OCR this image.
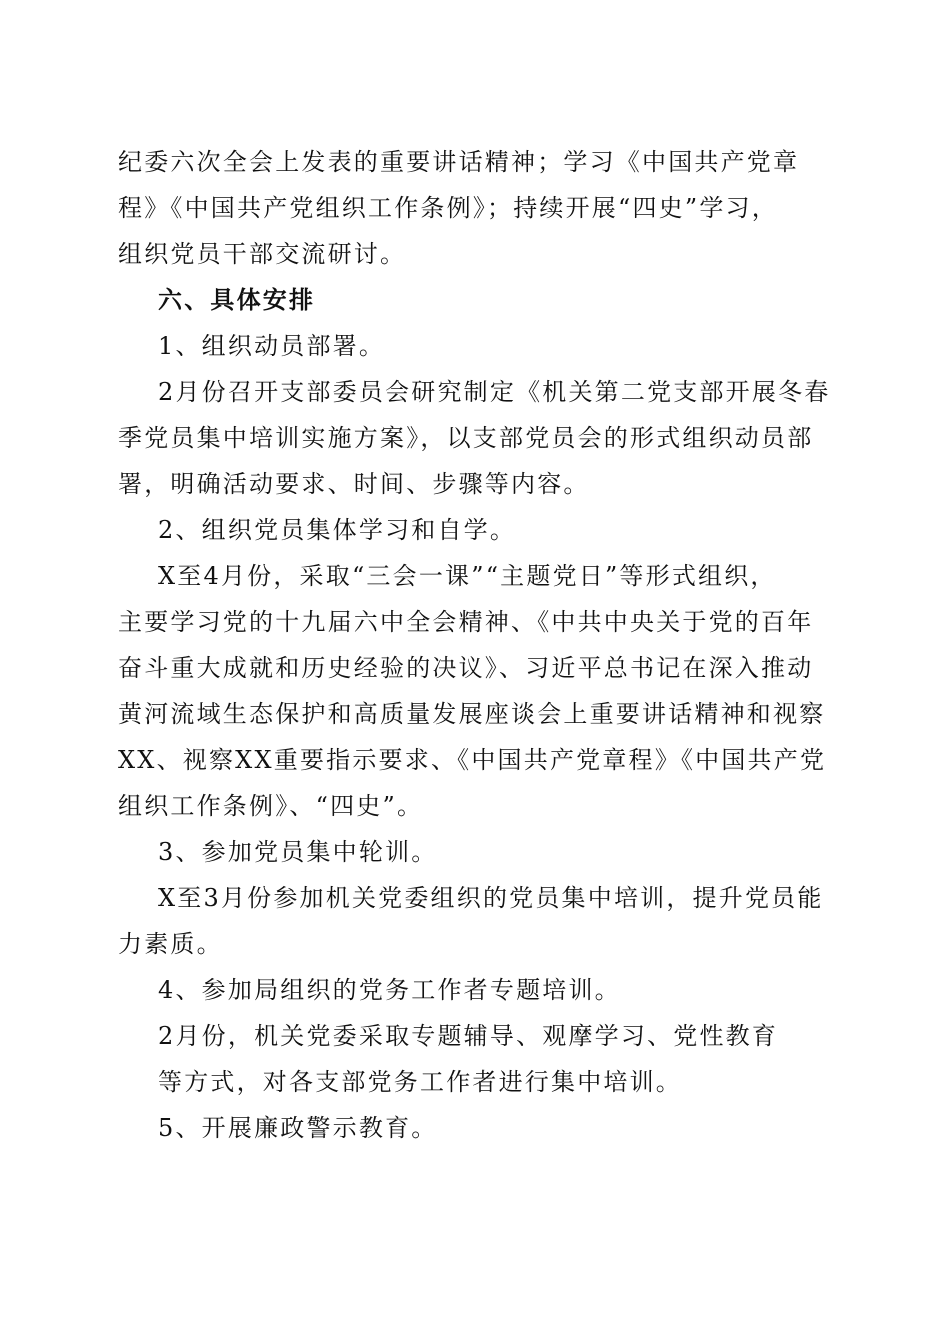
纪委六次全会上发表的重要讲话精神；学习《中国共产党章
程》《中国共产党组织工作条例》；持续开展“四史”学习，
组织党员干部交流研讨。
六、具体安排
1、组织动员部署。
2月份召开支部委员会研究制定《机关第二党支部开展冬春
季党员集中培训实施方案》，以支部党员会的形式组织动员部
署，明确活动要求、时间、步骤等内容。
2、组织党员集体学习和自学。
X至4月份，采取“三会一课”“主题党日”等形式组织，
主要学习党的十九届六中全会精神、《中共中央关于党的百年
奋斗重大成就和历史经验的决议》、习近平总书记在深入推动
黄河流域生态保护和高质量发展座谈会上重要讲话精神和视察
XX、视察XX重要指示要求、《中国共产党章程》《中国共产党
组织工作条例》、“四史”。
3、参加党员集中轮训。
X至3月份参加机关党委组织的党员集中培训，提升党员能
力素质。
4、参加局组织的党务工作者专题培训。
2月份，机关党委采取专题辅导、观摩学习、党性教育
等方式，对各支部党务工作者进行集中培训。
5、开展廉政警示教育。
